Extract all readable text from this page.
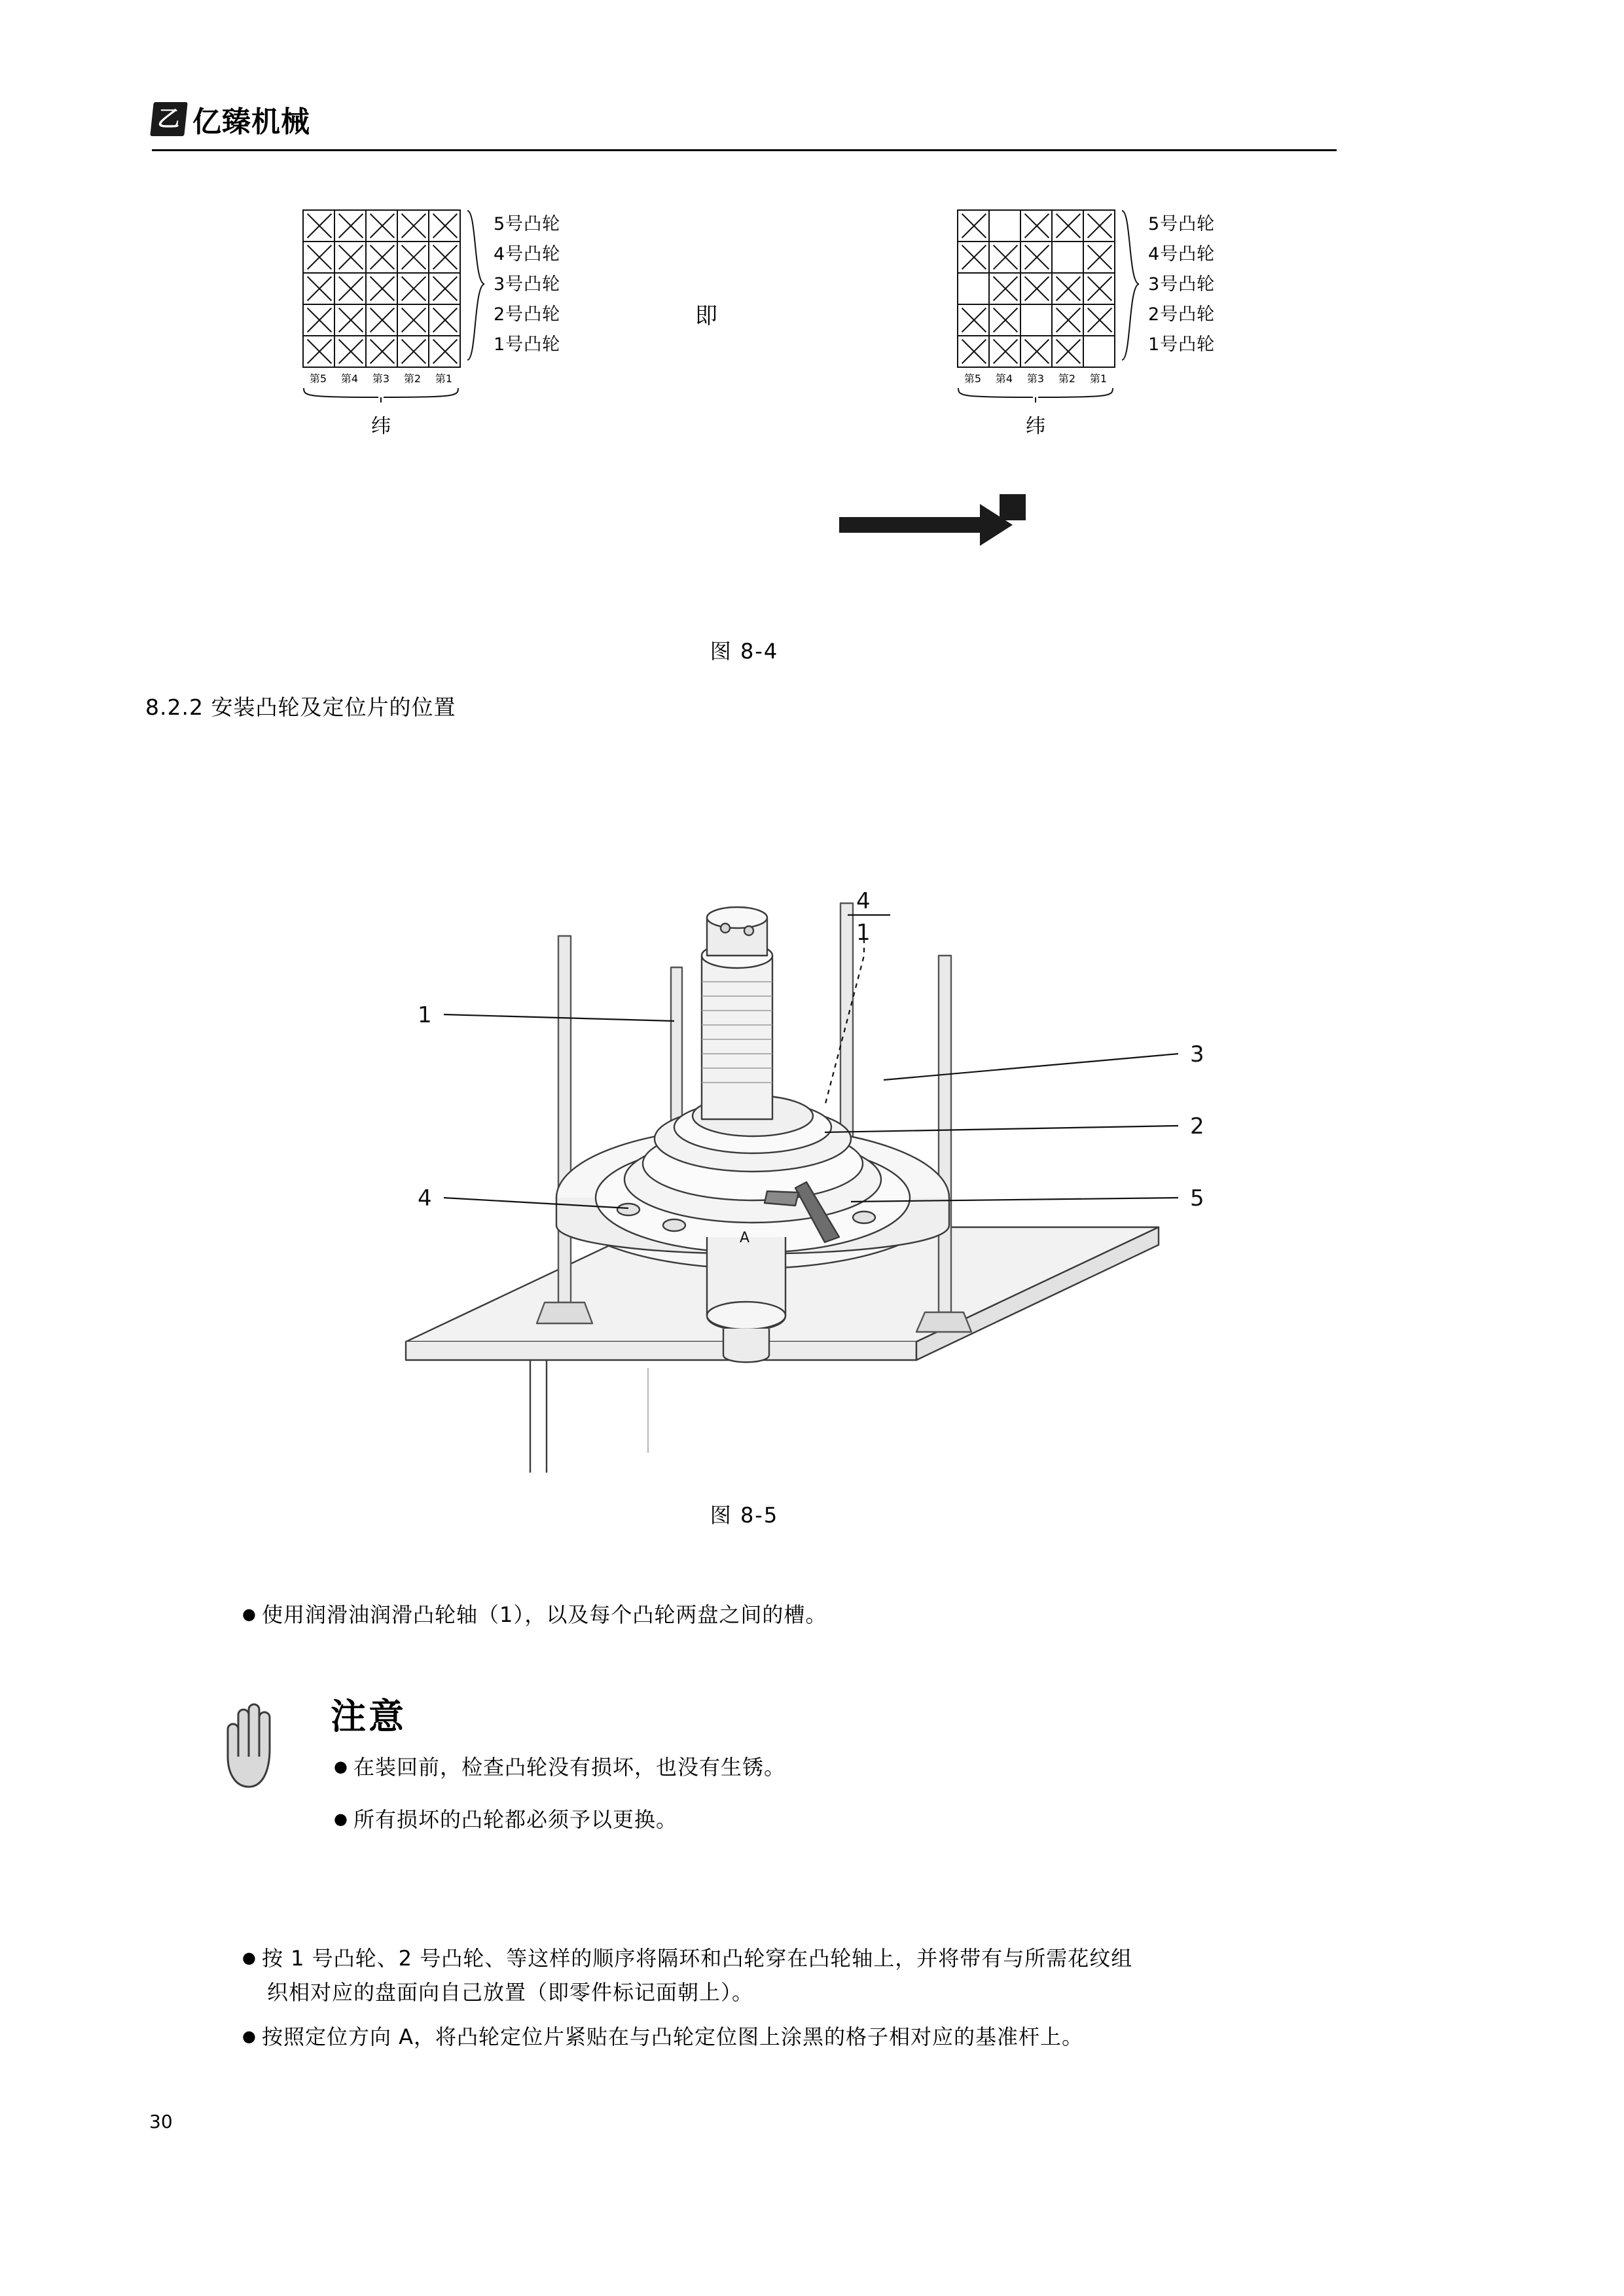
乙 亿臻机械

第5	第4	第3	第2	第1
纬
5号凸轮
4号凸轮
3号凸轮
2号凸轮
1号凸轮
即

第5	第4	第3	第2	第1
纬
5号凸轮
4号凸轮
3号凸轮
2号凸轮
1号凸轮
图 8-4
8.2.2 安装凸轮及定位片的位置
1
4
3
2
5
4
1
A
图 8-5
● 使用润滑油润滑凸轮轴（1），以及每个凸轮两盘之间的槽。
注意
● 在装回前，检查凸轮没有损坏，也没有生锈。
● 所有损坏的凸轮都必须予以更换。
● 按 1 号凸轮、2 号凸轮、等这样的顺序将隔环和凸轮穿在凸轮轴上，并将带有与所需花纹组
织相对应的盘面向自己放置（即零件标记面朝上）。
● 按照定位方向 A，将凸轮定位片紧贴在与凸轮定位图上涂黑的格子相对应的基准杆上。
30
